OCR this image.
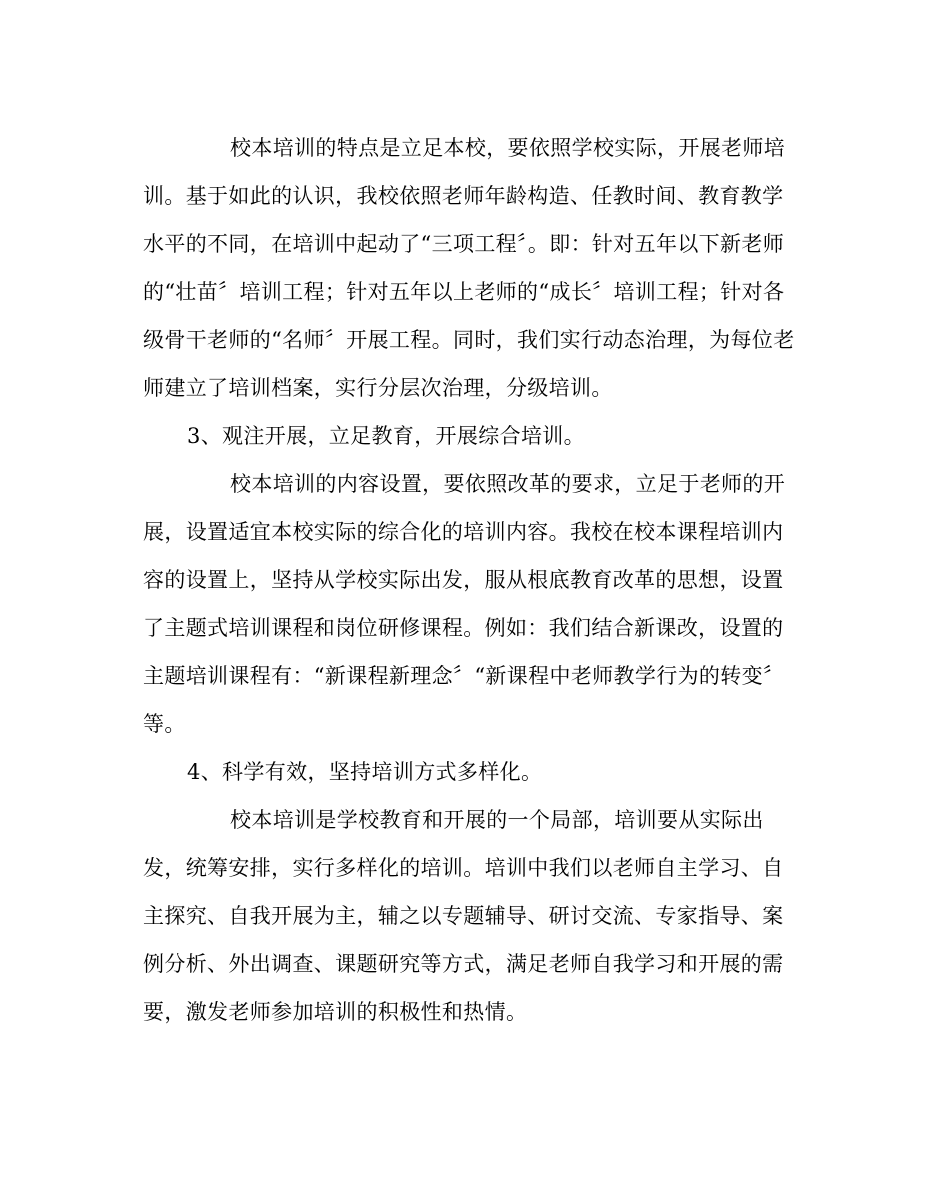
校本培训的特点是立足本校，要依照学校实际，开展老师培
训。基于如此的认识，我校依照老师年龄构造、任教时间、教育教学
水平的不同，在培训中起动了“三项工程〞。即：针对五年以下新老师
的“壮苗〞培训工程；针对五年以上老师的“成长〞培训工程；针对各
级骨干老师的“名师〞开展工程。同时，我们实行动态治理，为每位老
师建立了培训档案，实行分层次治理，分级培训。
3、观注开展，立足教育，开展综合培训。
校本培训的内容设置，要依照改革的要求，立足于老师的开
展，设置适宜本校实际的综合化的培训内容。我校在校本课程培训内
容的设置上，坚持从学校实际出发，服从根底教育改革的思想，设置
了主题式培训课程和岗位研修课程。例如：我们结合新课改，设置的
主题培训课程有：“新课程新理念〞“新课程中老师教学行为的转变〞
等。
4、科学有效，坚持培训方式多样化。
校本培训是学校教育和开展的一个局部，培训要从实际出
发，统筹安排，实行多样化的培训。培训中我们以老师自主学习、自
主探究、自我开展为主，辅之以专题辅导、研讨交流、专家指导、案
例分析、外出调查、课题研究等方式，满足老师自我学习和开展的需
要，激发老师参加培训的积极性和热情。
